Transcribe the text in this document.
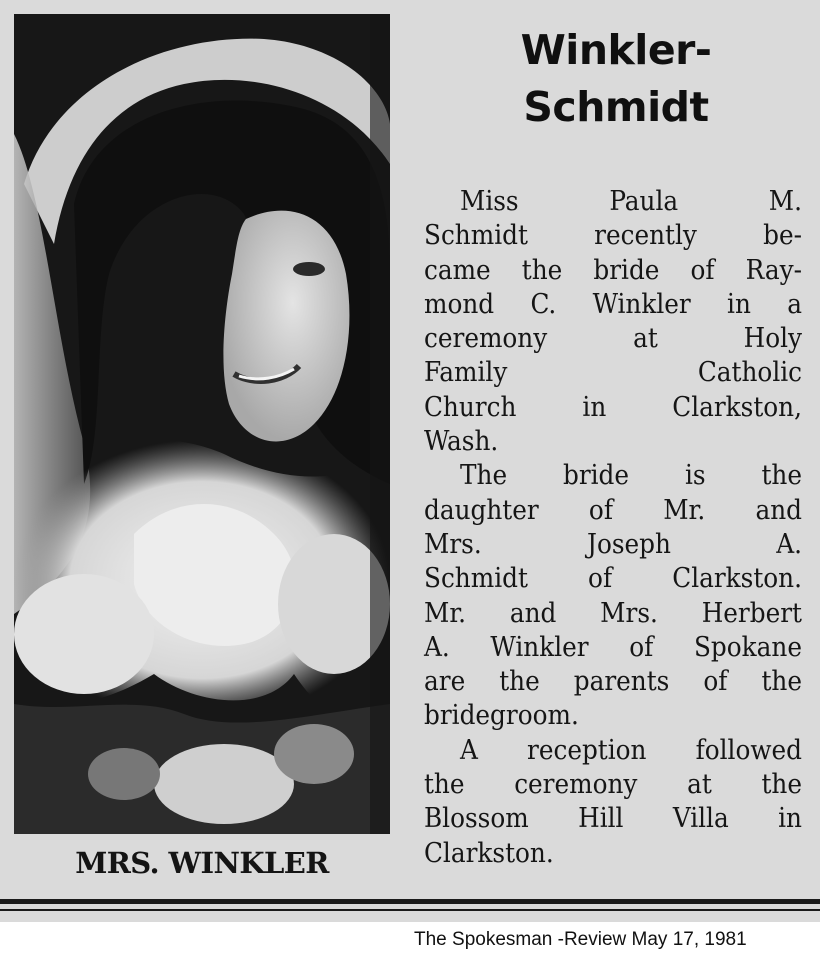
MRS. WINKLER
Winkler-
Schmidt
Miss	Paula	M.
Schmidt recently be-
came the bride of Ray-
mond C. Winkler in a
ceremony	at	Holy
Family	Catholic
Church in Clarkston,
Wash.
The bride is the
daughter of Mr. and
Mrs.	Joseph	A.
Schmidt of Clarkston.
Mr. and Mrs. Herbert
A. Winkler of Spokane
are the parents of the
bridegroom.
A reception followed
the ceremony at the
Blossom Hill Villa in
Clarkston.
The Spokesman -Review May 17, 1981
